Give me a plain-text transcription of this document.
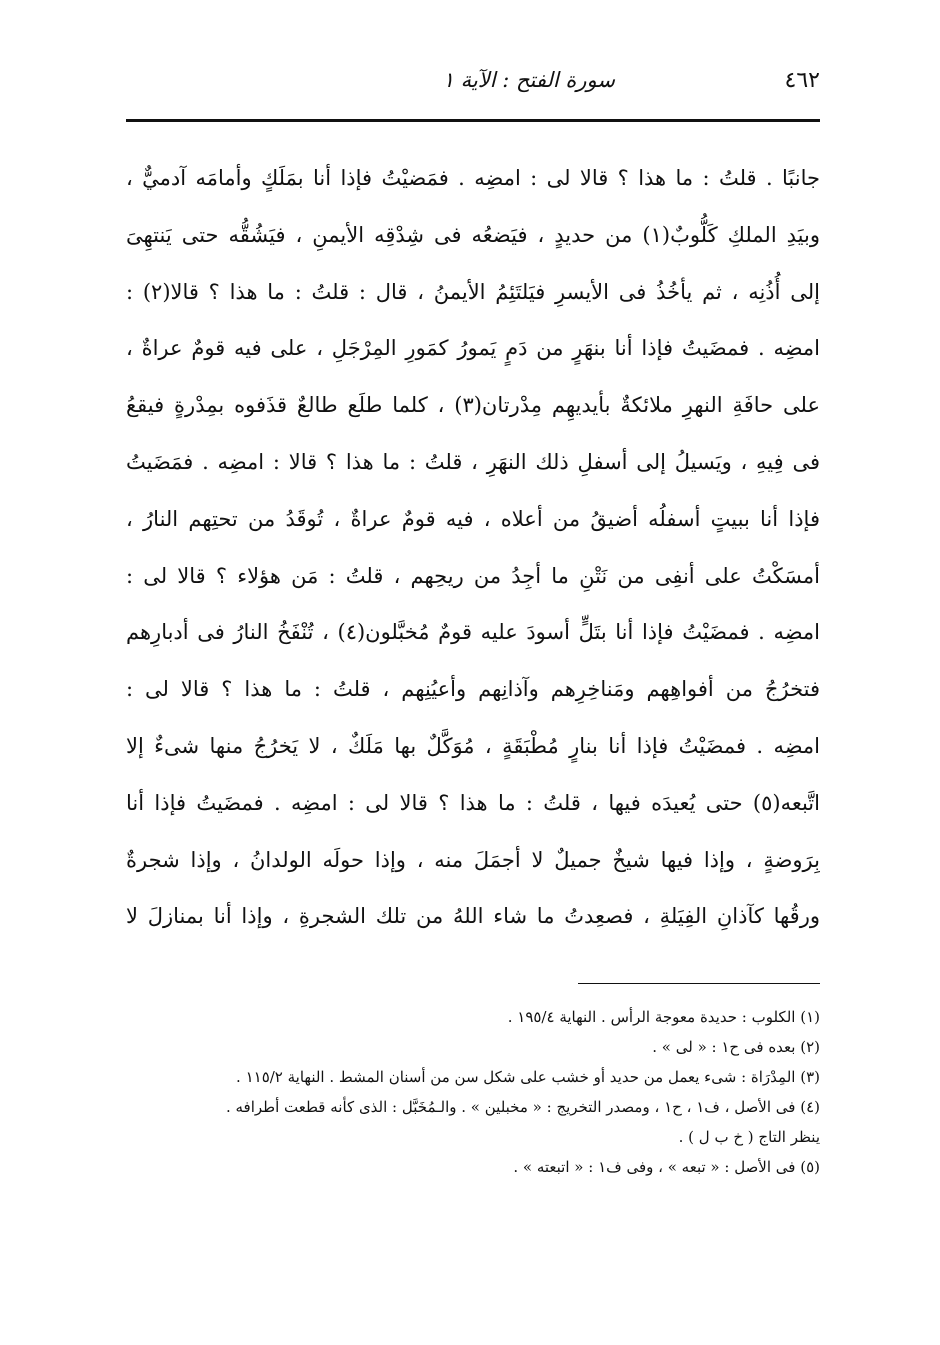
٤٦٢
سورة الفتح : الآية ١
جانبًا . قلتُ : ما هذا ؟ قالا لى : امضِه . فمَضيْتُ فإذا أنا بمَلَكٍ وأمامَه آدميٌّ ،
وبيَدِ الملكِ كَلُّوبٌ(١) من حديدٍ ، فيَضعُه فى شِدْقِه الأيمنِ ، فيَشُقُّه حتى يَنتهِىَ
إلى أُذُنِه ، ثم يأخُذُ فى الأيسرِ فيَلتَئِمُ الأيمنُ ، قال : قلتُ : ما هذا ؟ قالا(٢) :
امضِه . فمضَيتُ فإذا أنا بنهَرٍ من دَمٍ يَمورُ كمَورِ المِرْجَلِ ، على فيه قومٌ عراةٌ ،
على حافَةِ النهرِ ملائكةٌ بأيديهِم مِدْرتان(٣) ، كلما طلَع طالعٌ قذَفوه بمِدْرةٍ فيقعُ
فى فِيهِ ، ويَسيلُ إلى أسفلِ ذلك النهَرِ ، قلتُ : ما هذا ؟ قالا : امضِه . فمَضَيتُ
فإذا أنا ببيتٍ أسفلُه أضيقُ من أعلاه ، فيه قومٌ عراةٌ ، تُوقَدُ من تحتِهم النارُ ،
أمسَكْتُ على أنفِى من نَتْنِ ما أجِدُ من ريحِهم ، قلتُ : مَن هؤلاء ؟ قالا لى :
امضِه . فمضَيْتُ فإذا أنا بتَلٍّ أسودَ عليه قومٌ مُخبَّلون(٤) ، تُنْفَخُ النارُ فى أدبارِهم
فتخرُجُ من أفواهِهم ومَناخِرِهم وآذانِهم وأعيُنِهم ، قلتُ : ما هذا ؟ قالا لى :
امضِه . فمضَيْتُ فإذا أنا بنارٍ مُطْبَقَةٍ ، مُوَكَّلٌ بها مَلَكٌ ، لا يَخرُجُ منها شىءٌ إلا
اتَّبعه(٥) حتى يُعيدَه فيها ، قلتُ : ما هذا ؟ قالا لى : امضِه . فمضَيتُ فإذا أنا
بِرَوضةٍ ، وإذا فيها شيخٌ جميلٌ لا أجمَلَ منه ، وإذا حولَه الولدانُ ، وإذا شجرةٌ
ورقُها كآذانِ الفِيَلةِ ، فصعِدتُ ما شاء اللهُ من تلك الشجرةِ ، وإذا أنا بمنازلَ لا
(١) الكلوب : حديدة معوجة الرأس . النهاية ١٩٥/٤ .
(٢) بعده فى ح١ : « لى » .
(٣) المِدْرَاة : شىء يعمل من حديد أو خشب على شكل سن من أسنان المشط . النهاية ١١٥/٢ .
(٤) فى الأصل ، ف١ ، ح١ ، ومصدر التخريج : « مخبلين » . والـمُخَبَّل : الذى كأنه قطعت أطرافه .
ينظر التاج ( خ ب ل ) .
(٥) فى الأصل : « تبعه » ، وفى ف١ : « اتبعته » .
